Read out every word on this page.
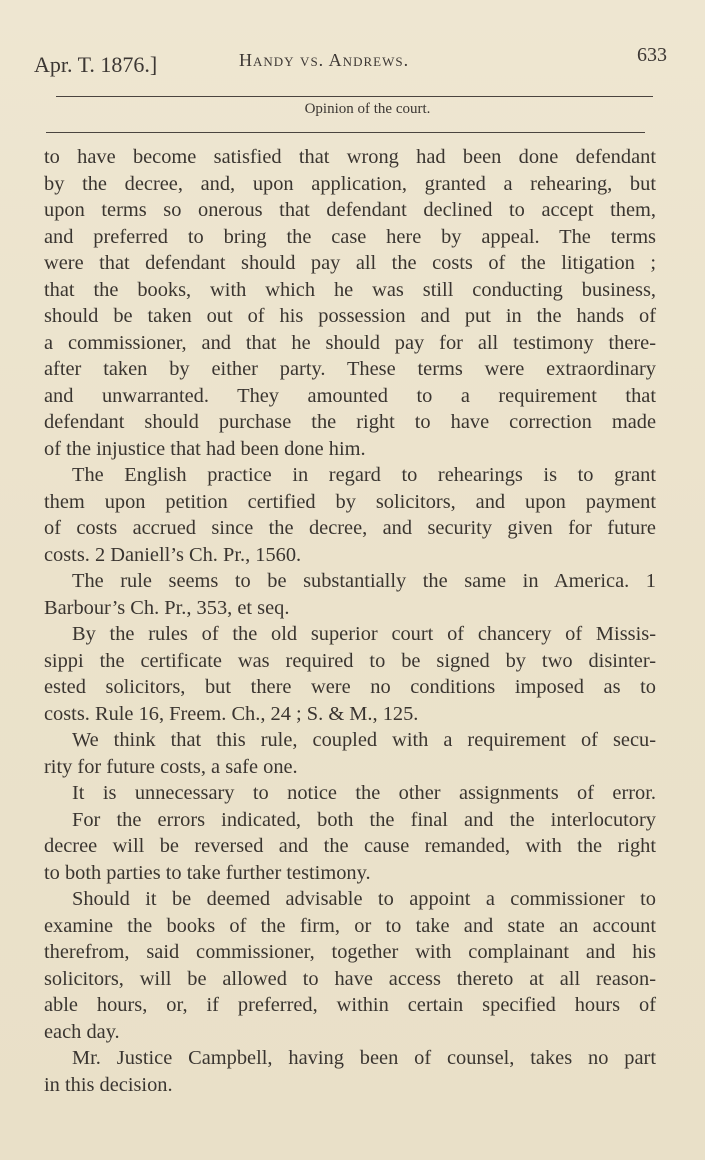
Apr. T. 1876.]	Handy vs. Andrews.	633
Opinion of the court.
to have become satisfied that wrong had been done defendant
by the decree, and, upon application, granted a rehearing, but
upon terms so onerous that defendant declined to accept them,
and preferred to bring the case here by appeal. The terms
were that defendant should pay all the costs of the litigation ;
that the books, with which he was still conducting business,
should be taken out of his possession and put in the hands of
a commissioner, and that he should pay for all testimony there-
after taken by either party. These terms were extraordinary
and unwarranted. They amounted to a requirement that
defendant should purchase the right to have correction made
of the injustice that had been done him.
The English practice in regard to rehearings is to grant
them upon petition certified by solicitors, and upon payment
of costs accrued since the decree, and security given for future
costs. 2 Daniell’s Ch. Pr., 1560.
The rule seems to be substantially the same in America. 1
Barbour’s Ch. Pr., 353, et seq.
By the rules of the old superior court of chancery of Missis-
sippi the certificate was required to be signed by two disinter-
ested solicitors, but there were no conditions imposed as to
costs. Rule 16, Freem. Ch., 24 ; S. & M., 125.
We think that this rule, coupled with a requirement of secu-
rity for future costs, a safe one.
It is unnecessary to notice the other assignments of error.
For the errors indicated, both the final and the interlocutory
decree will be reversed and the cause remanded, with the right
to both parties to take further testimony.
Should it be deemed advisable to appoint a commissioner to
examine the books of the firm, or to take and state an account
therefrom, said commissioner, together with complainant and his
solicitors, will be allowed to have access thereto at all reason-
able hours, or, if preferred, within certain specified hours of
each day.
Mr. Justice Campbell, having been of counsel, takes no part
in this decision.
